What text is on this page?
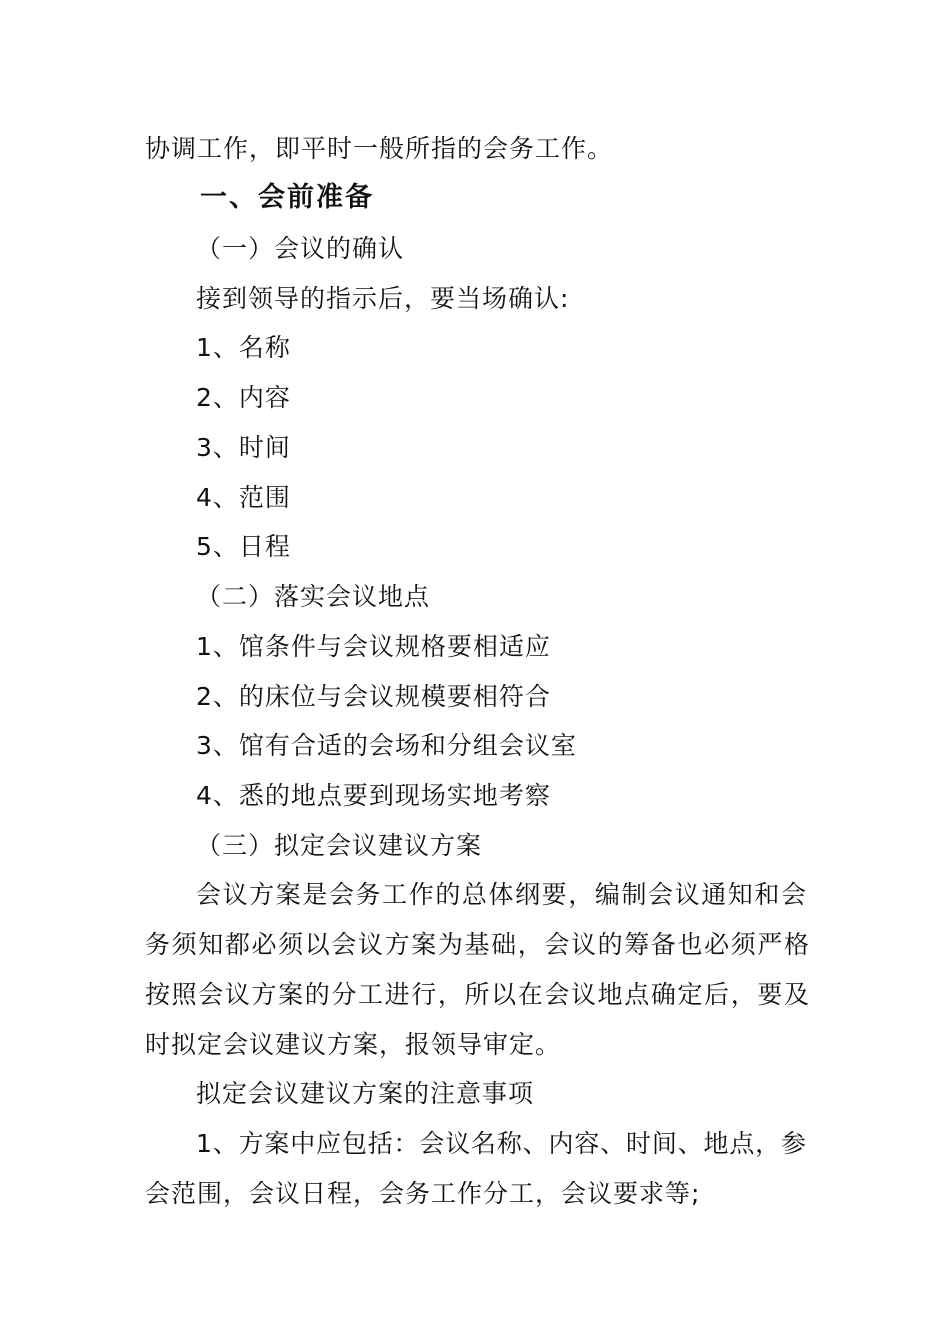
协调工作，即平时一般所指的会务工作。
一、会前准备
（一）会议的确认
接到领导的指示后，要当场确认:
1、名称
2、内容
3、时间
4、范围
5、日程
（二）落实会议地点
1、馆条件与会议规格要相适应
2、的床位与会议规模要相符合
3、馆有合适的会场和分组会议室
4、悉的地点要到现场实地考察
（三）拟定会议建议方案
会议方案是会务工作的总体纲要，编制会议通知和会
务须知都必须以会议方案为基础，会议的筹备也必须严格
按照会议方案的分工进行，所以在会议地点确定后，要及
时拟定会议建议方案，报领导审定。
拟定会议建议方案的注意事项
1、方案中应包括：会议名称、内容、时间、地点，参
会范围，会议日程，会务工作分工，会议要求等;
